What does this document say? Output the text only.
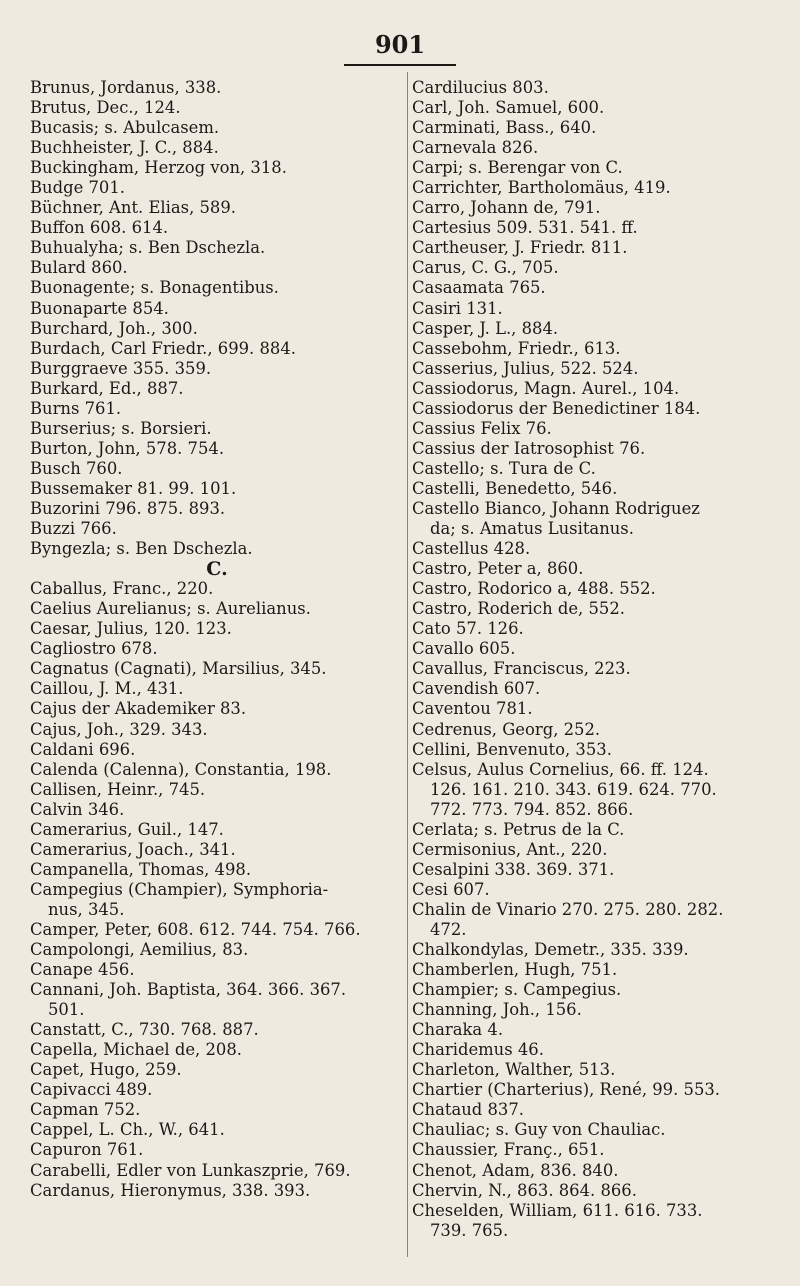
901
Brunus, Jordanus, 338.
Brutus, Dec., 124.
Bucasis; s. Abulcasem.
Buchheister, J. C., 884.
Buckingham, Herzog von, 318.
Budge 701.
Büchner, Ant. Elias, 589.
Buffon 608. 614.
Buhualyha; s. Ben Dschezla.
Bulard 860.
Buonagente; s. Bonagentibus.
Buonaparte 854.
Burchard, Joh., 300.
Burdach, Carl Friedr., 699. 884.
Burggraeve 355. 359.
Burkard, Ed., 887.
Burns 761.
Burserius; s. Borsieri.
Burton, John, 578. 754.
Busch 760.
Bussemaker 81. 99. 101.
Buzorini 796. 875. 893.
Buzzi 766.
Byngezla; s. Ben Dschezla.
C.
Caballus, Franc., 220.
Caelius Aurelianus; s. Aurelianus.
Caesar, Julius, 120. 123.
Cagliostro 678.
Cagnatus (Cagnati), Marsilius, 345.
Caillou, J. M., 431.
Cajus der Akademiker 83.
Cajus, Joh., 329. 343.
Caldani 696.
Calenda (Calenna), Constantia, 198.
Callisen, Heinr., 745.
Calvin 346.
Camerarius, Guil., 147.
Camerarius, Joach., 341.
Campanella, Thomas, 498.
Campegius (Champier), Symphoria-
nus, 345.
Camper, Peter, 608. 612. 744. 754. 766.
Campolongi, Aemilius, 83.
Canape 456.
Cannani, Joh. Baptista, 364. 366. 367.
501.
Canstatt, C., 730. 768. 887.
Capella, Michael de, 208.
Capet, Hugo, 259.
Capivacci 489.
Capman 752.
Cappel, L. Ch., W., 641.
Capuron 761.
Carabelli, Edler von Lunkaszprie, 769.
Cardanus, Hieronymus, 338. 393.
Cardilucius 803.
Carl, Joh. Samuel, 600.
Carminati, Bass., 640.
Carnevala 826.
Carpi; s. Berengar von C.
Carrichter, Bartholomäus, 419.
Carro, Johann de, 791.
Cartesius 509. 531. 541. ff.
Cartheuser, J. Friedr. 811.
Carus, C. G., 705.
Casaamata 765.
Casiri 131.
Casper, J. L., 884.
Cassebohm, Friedr., 613.
Casserius, Julius, 522. 524.
Cassiodorus, Magn. Aurel., 104.
Cassiodorus der Benedictiner 184.
Cassius Felix 76.
Cassius der Iatrosophist 76.
Castello; s. Tura de C.
Castelli, Benedetto, 546.
Castello Bianco, Johann Rodriguez
da; s. Amatus Lusitanus.
Castellus 428.
Castro, Peter a, 860.
Castro, Rodorico a, 488. 552.
Castro, Roderich de, 552.
Cato 57. 126.
Cavallo 605.
Cavallus, Franciscus, 223.
Cavendish 607.
Caventou 781.
Cedrenus, Georg, 252.
Cellini, Benvenuto, 353.
Celsus, Aulus Cornelius, 66. ff. 124.
126. 161. 210. 343. 619. 624. 770.
772. 773. 794. 852. 866.
Cerlata; s. Petrus de la C.
Cermisonius, Ant., 220.
Cesalpini 338. 369. 371.
Cesi 607.
Chalin de Vinario 270. 275. 280. 282.
472.
Chalkondylas, Demetr., 335. 339.
Chamberlen, Hugh, 751.
Champier; s. Campegius.
Channing, Joh., 156.
Charaka 4.
Charidemus 46.
Charleton, Walther, 513.
Chartier (Charterius), René, 99. 553.
Chataud 837.
Chauliac; s. Guy von Chauliac.
Chaussier, Franç., 651.
Chenot, Adam, 836. 840.
Chervin, N., 863. 864. 866.
Cheselden, William, 611. 616. 733.
739. 765.
